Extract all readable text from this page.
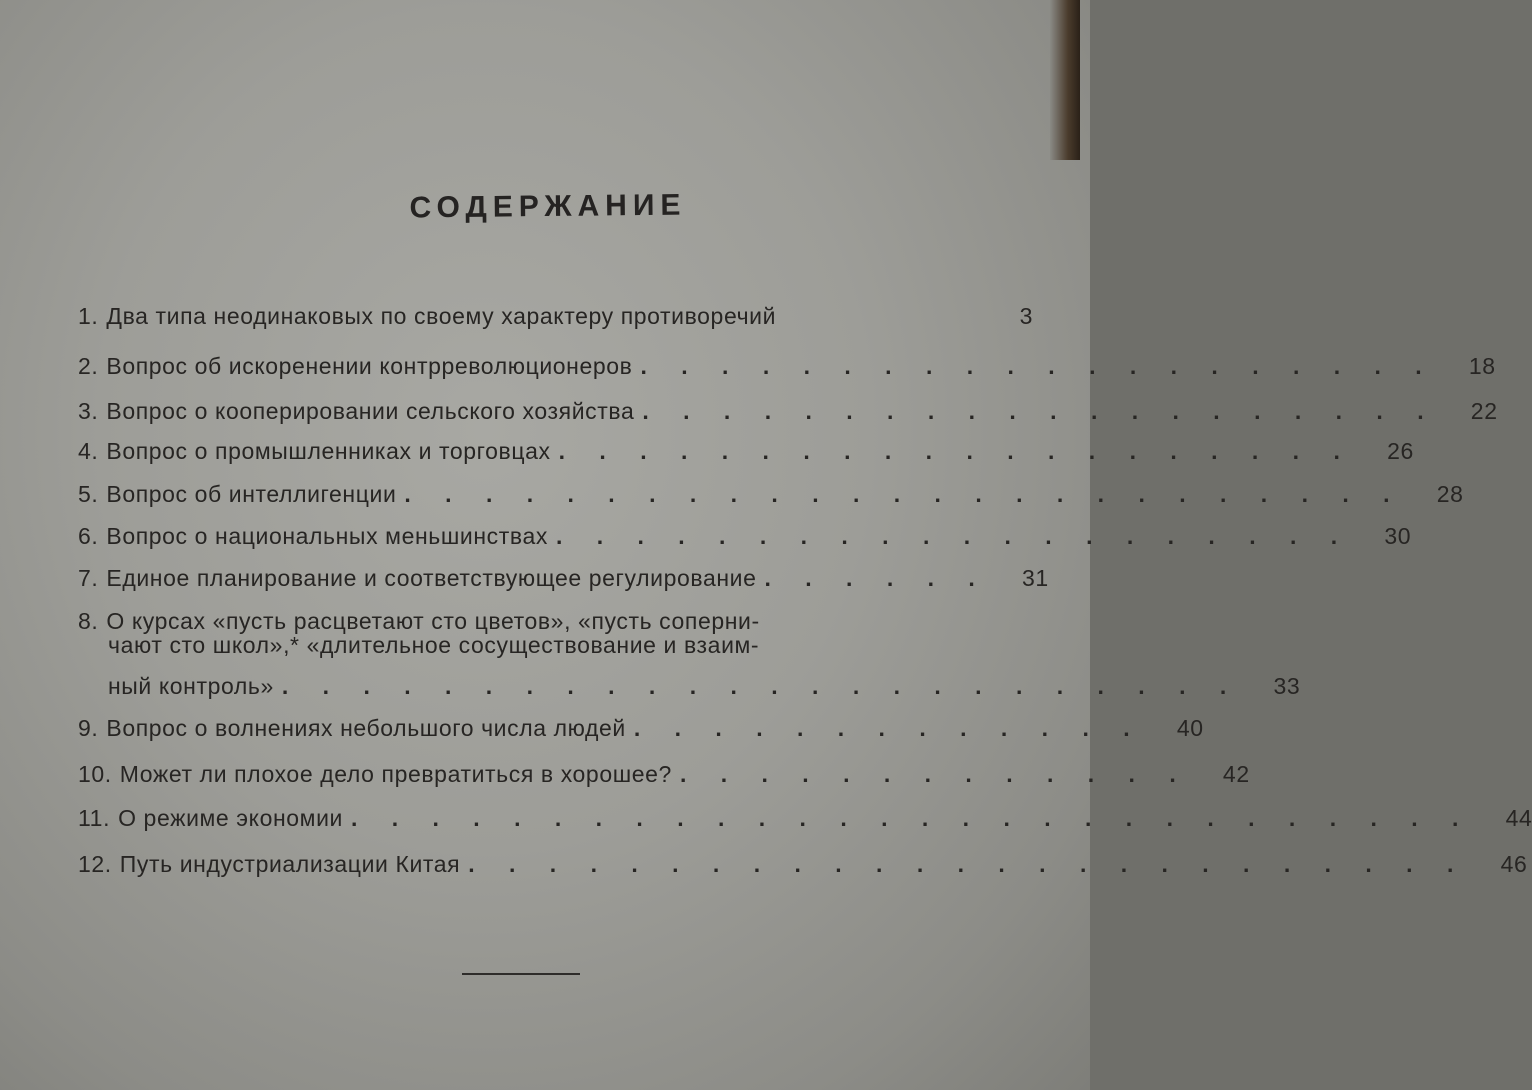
СОДЕРЖАНИЕ
1. Два типа неодинаковых по своему характеру противоречий	3
2. Вопрос об искоренении контрреволюционеров . . . . . . . . . . . . . . . . . . . .	18
3. Вопрос о кооперировании сельского хозяйства . . . . . . . . . . . . . . . . . . . .	22
4. Вопрос о промышленниках и торговцах . . . . . . . . . . . . . . . . . . . .	26
5. Вопрос об интеллигенции . . . . . . . . . . . . . . . . . . . . . . . . .	28
6. Вопрос о национальных меньшинствах . . . . . . . . . . . . . . . . . . . .	30
7. Единое планирование и соответствующее регулирование . . . . . .	31
8. О курсах «пусть расцветают сто цветов», «пусть соперни-
чают сто школ»,* «длительное сосуществование и взаим-
ный контроль» . . . . . . . . . . . . . . . . . . . . . . . .	33
9. Вопрос о волнениях небольшого числа людей . . . . . . . . . . . . .	40
10. Может ли плохое дело превратиться в хорошее? . . . . . . . . . . . . .	42
11. О режиме экономии . . . . . . . . . . . . . . . . . . . . . . . . . . . .	44
12. Путь индустриализации Китая . . . . . . . . . . . . . . . . . . . . . . . . .	46
